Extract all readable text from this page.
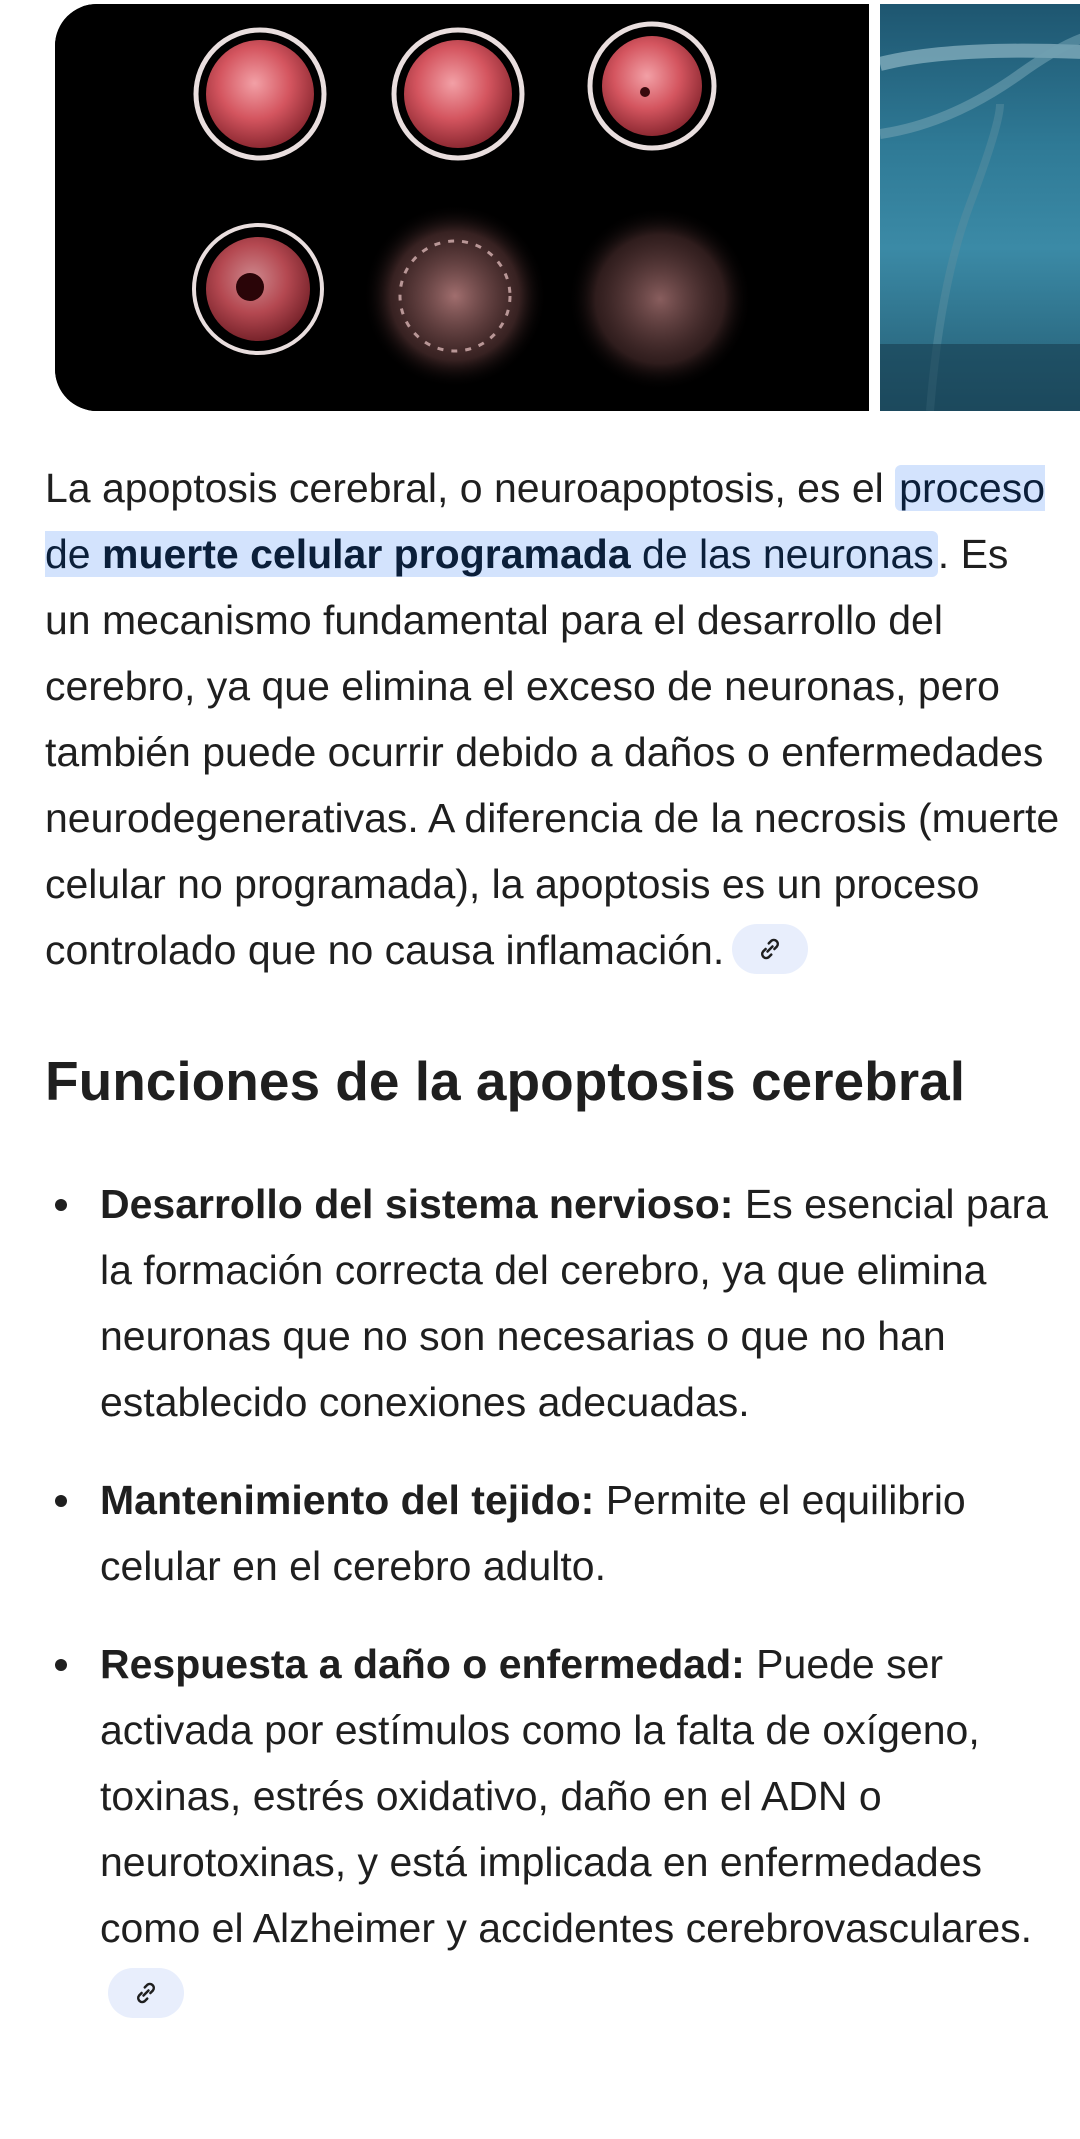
La apoptosis cerebral, o neuroapoptosis, es el proceso de muerte celular programada de las neuronas. Es un mecanismo fundamental para el desarrollo del cerebro, ya que elimina el exceso de neuronas, pero también puede ocurrir debido a daños o enfermedades neurodegenerativas. A diferencia de la necrosis (muerte celular no programada), la apoptosis es un proceso controlado que no causa inflamación.

Funciones de la apoptosis cerebral
Desarrollo del sistema nervioso: Es esencial para la formación correcta del cerebro, ya que elimina neuronas que no son necesarias o que no han establecido conexiones adecuadas.
Mantenimiento del tejido: Permite el equilibrio celular en el cerebro adulto.
Respuesta a daño o enfermedad: Puede ser activada por estímulos como la falta de oxígeno, toxinas, estrés oxidativo, daño en el ADN o neurotoxinas, y está implicada en enfermedades como el Alzheimer y accidentes cerebrovasculares.
